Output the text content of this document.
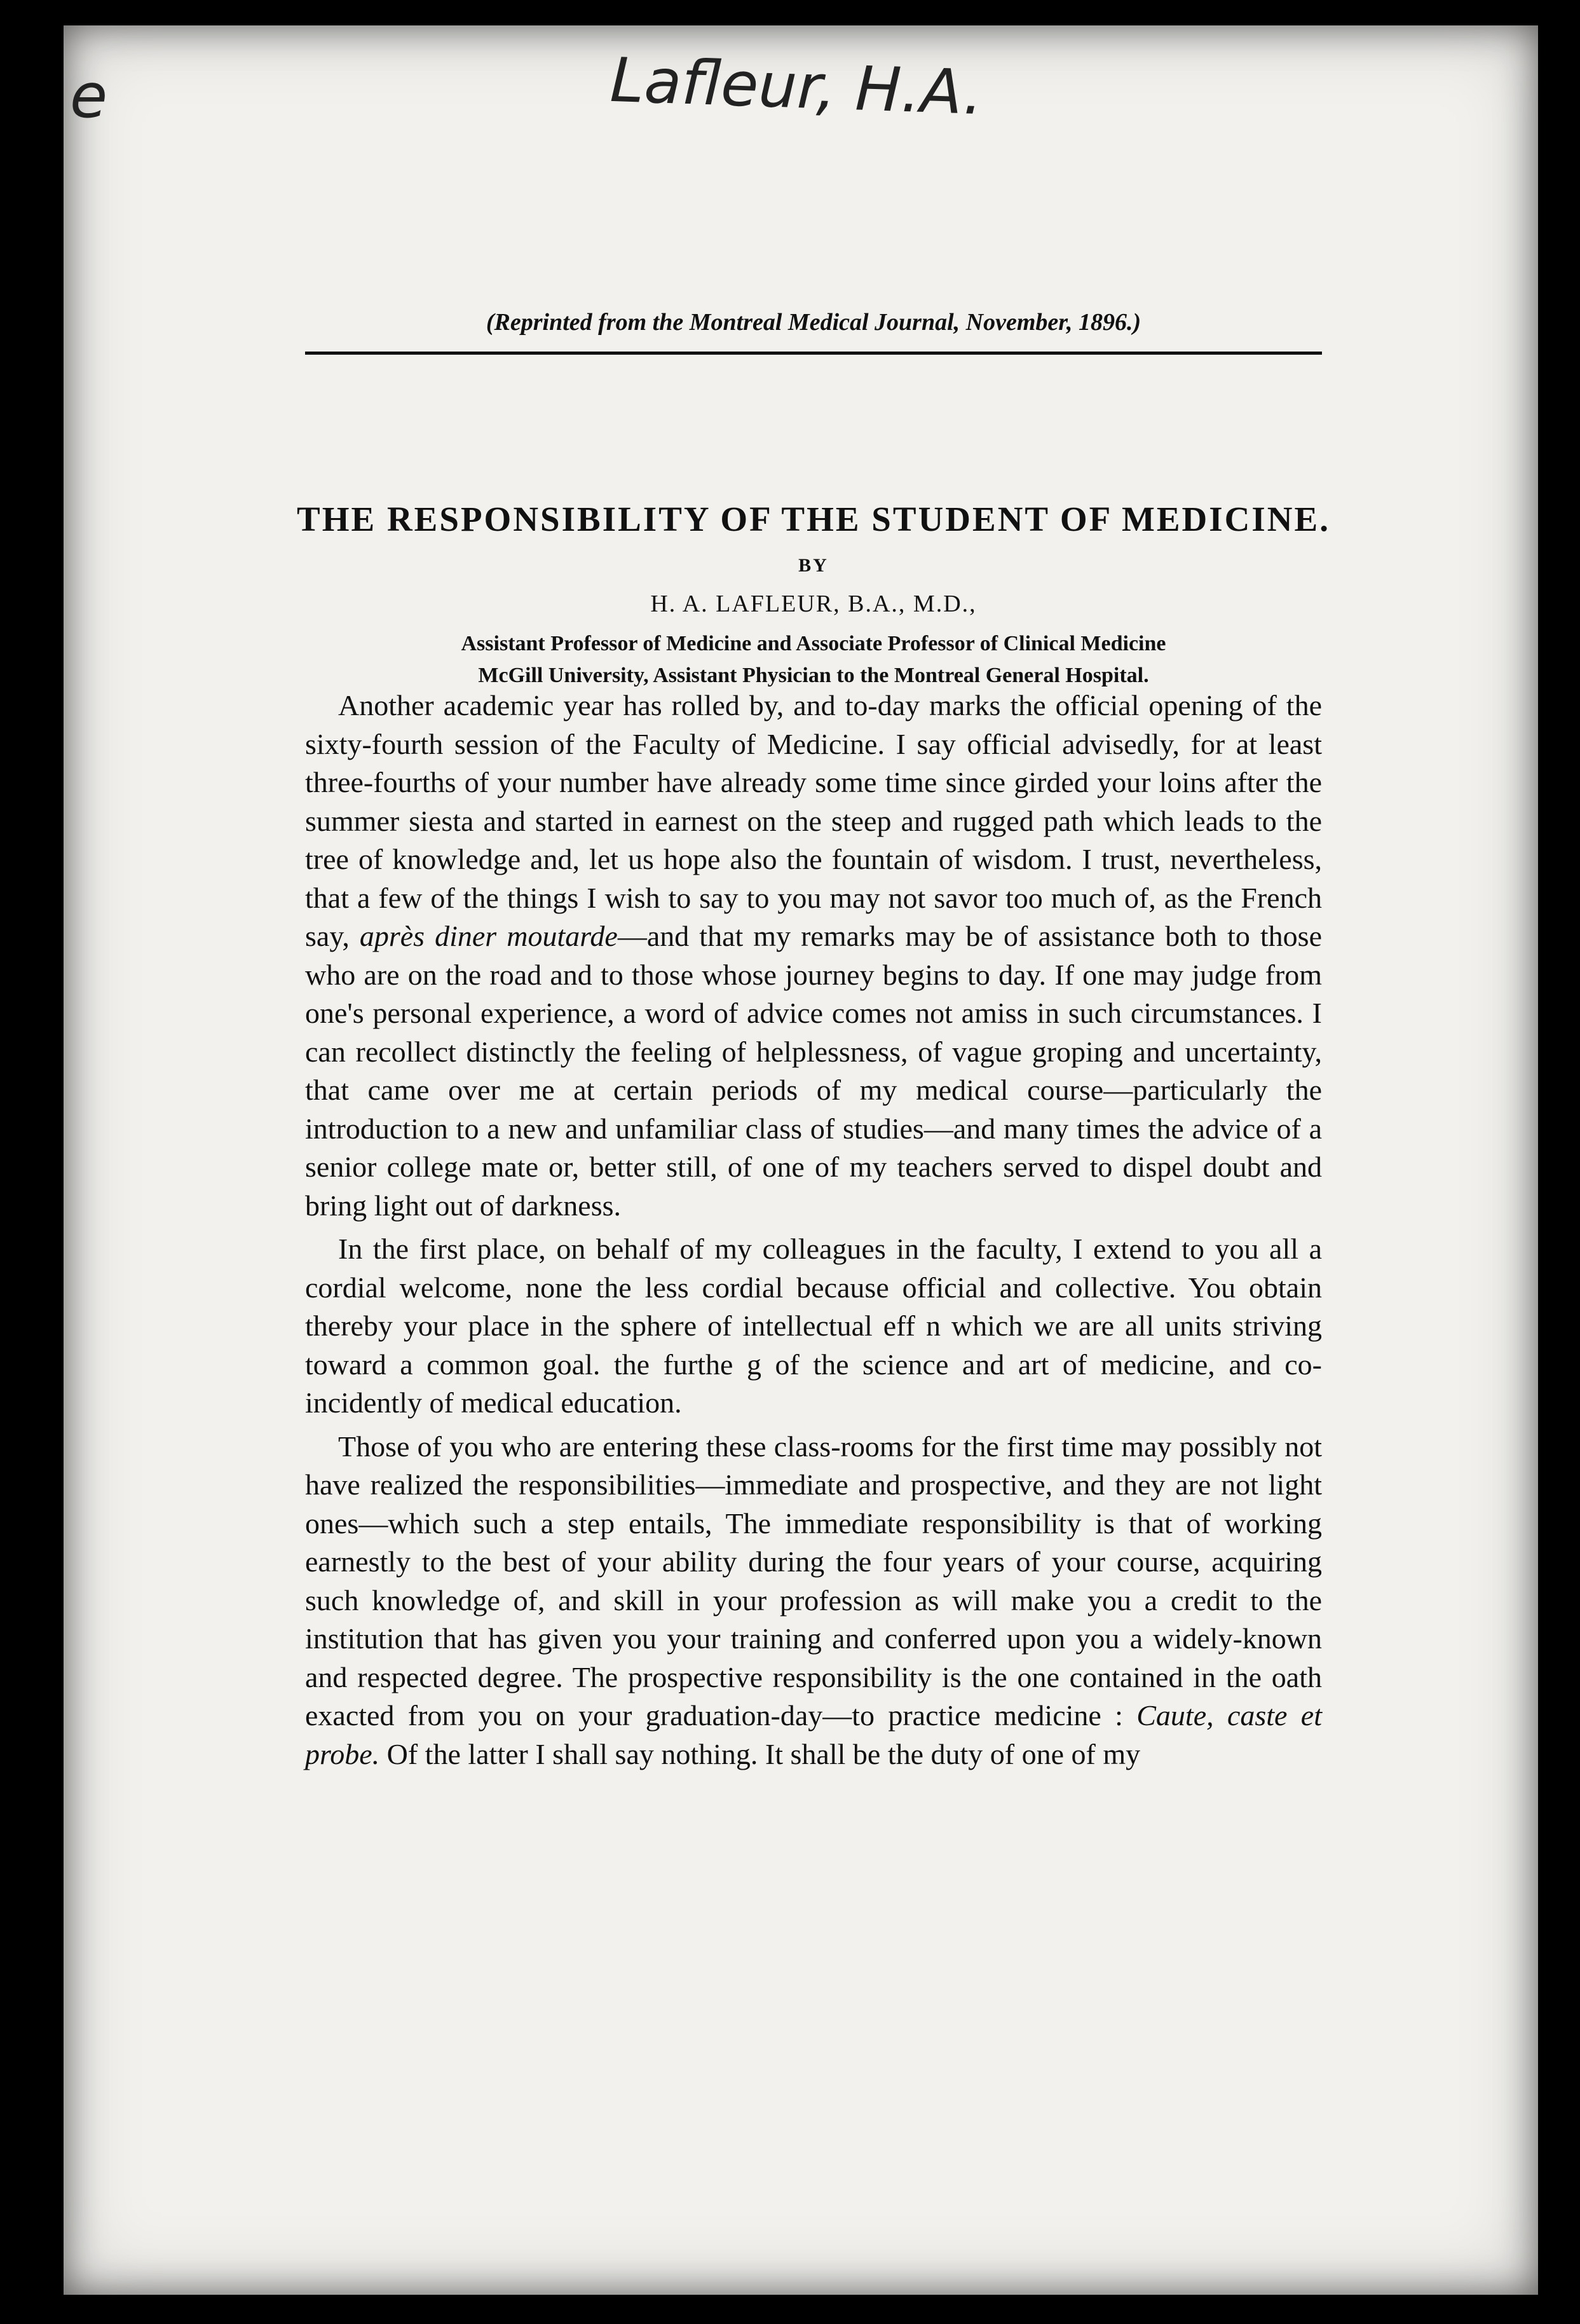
Lafleur, H.A.
e
(Reprinted from the Montreal Medical Journal, November, 1896.)
THE RESPONSIBILITY OF THE STUDENT OF MEDICINE.
BY
H. A. LAFLEUR, B.A., M.D.,
Assistant Professor of Medicine and Associate Professor of Clinical Medicine
McGill University, Assistant Physician to the Montreal General Hospital.

Another academic year has rolled by, and to-day marks the official opening of the sixty-fourth session of the Faculty of Medicine. I say official advisedly, for at least three-fourths of your number have already some time since girded your loins after the summer siesta and started in earnest on the steep and rugged path which leads to the tree of knowledge and, let us hope also the fountain of wisdom. I trust, nevertheless, that a few of the things I wish to say to you may not savor too much of, as the French say, après diner moutarde—and that my remarks may be of assistance both to those who are on the road and to those whose journey begins to day. If one may judge from one's personal experience, a word of advice comes not amiss in such circumstances. I can recollect distinctly the feeling of helplessness, of vague groping and uncertainty, that came over me at certain periods of my medical course—particularly the introduction to a new and unfamiliar class of studies—and many times the advice of a senior college mate or, better still, of one of my teachers served to dispel doubt and bring light out of darkness.

In the first place, on behalf of my colleagues in the faculty, I extend to you all a cordial welcome, none the less cordial because official and collective. You obtain thereby your place in the sphere of intellectual eff n which we are all units striving toward a common goal. the furthe g of the science and art of medicine, and co-incidently of medical education.

Those of you who are entering these class-rooms for the first time may possibly not have realized the responsibilities—immediate and prospective, and they are not light ones—which such a step entails, The immediate responsibility is that of working earnestly to the best of your ability during the four years of your course, acquiring such knowledge of, and skill in your profession as will make you a credit to the institution that has given you your training and conferred upon you a widely-known and respected degree. The prospective responsibility is the one contained in the oath exacted from you on your graduation-day—to practice medicine : Caute, caste et probe. Of the latter I shall say nothing. It shall be the duty of one of my
